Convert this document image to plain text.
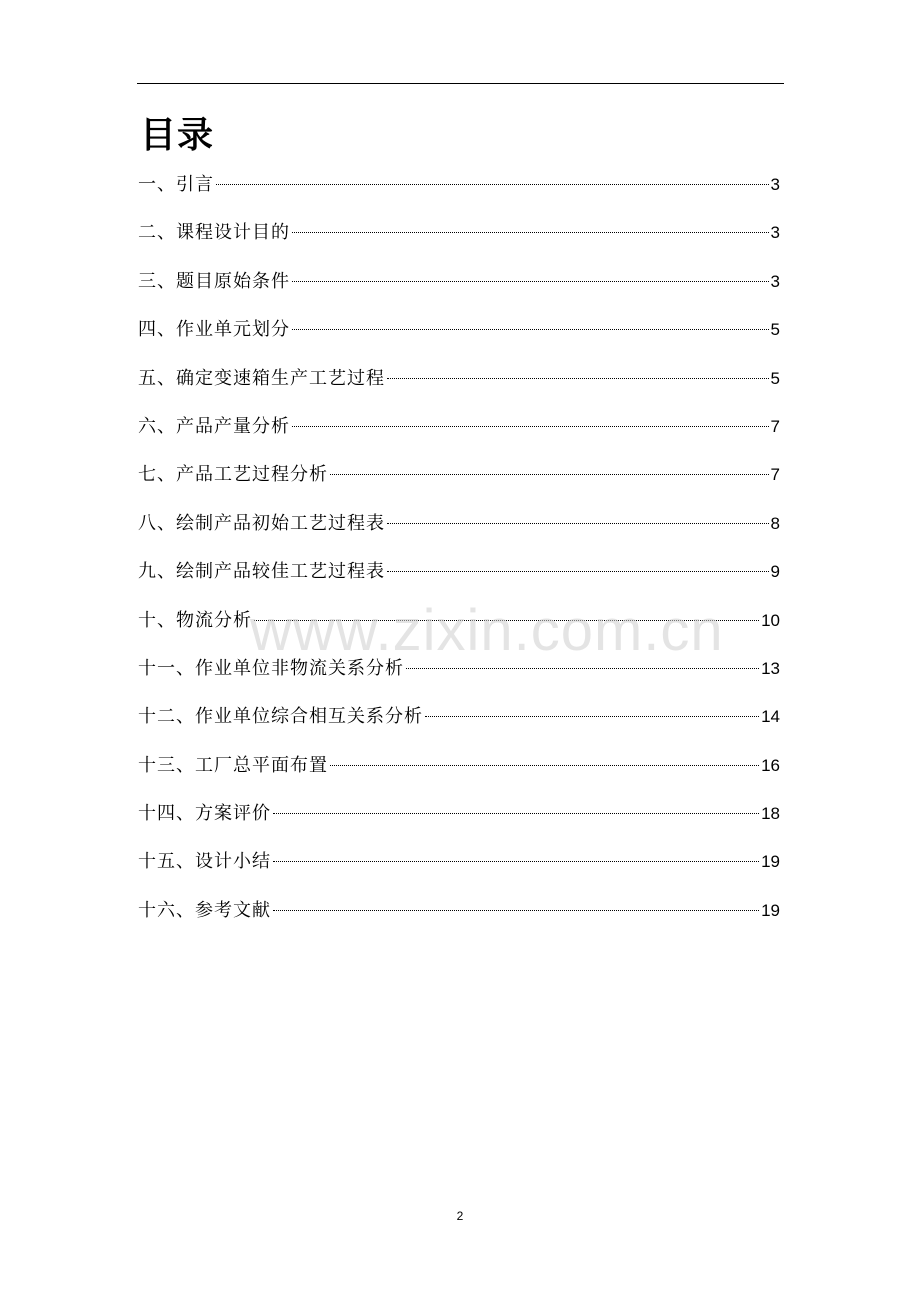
目录
一、引言	3
二、课程设计目的	3
三、题目原始条件	3
四、作业单元划分	5
五、确定变速箱生产工艺过程	5
六、产品产量分析	7
七、产品工艺过程分析	7
八、绘制产品初始工艺过程表	8
九、绘制产品较佳工艺过程表	9
十、物流分析	10
十一、作业单位非物流关系分析	13
十二、作业单位综合相互关系分析	14
十三、工厂总平面布置	16
十四、方案评价	18
十五、设计小结	19
十六、参考文献	19
www.zixin.com.cn
2
